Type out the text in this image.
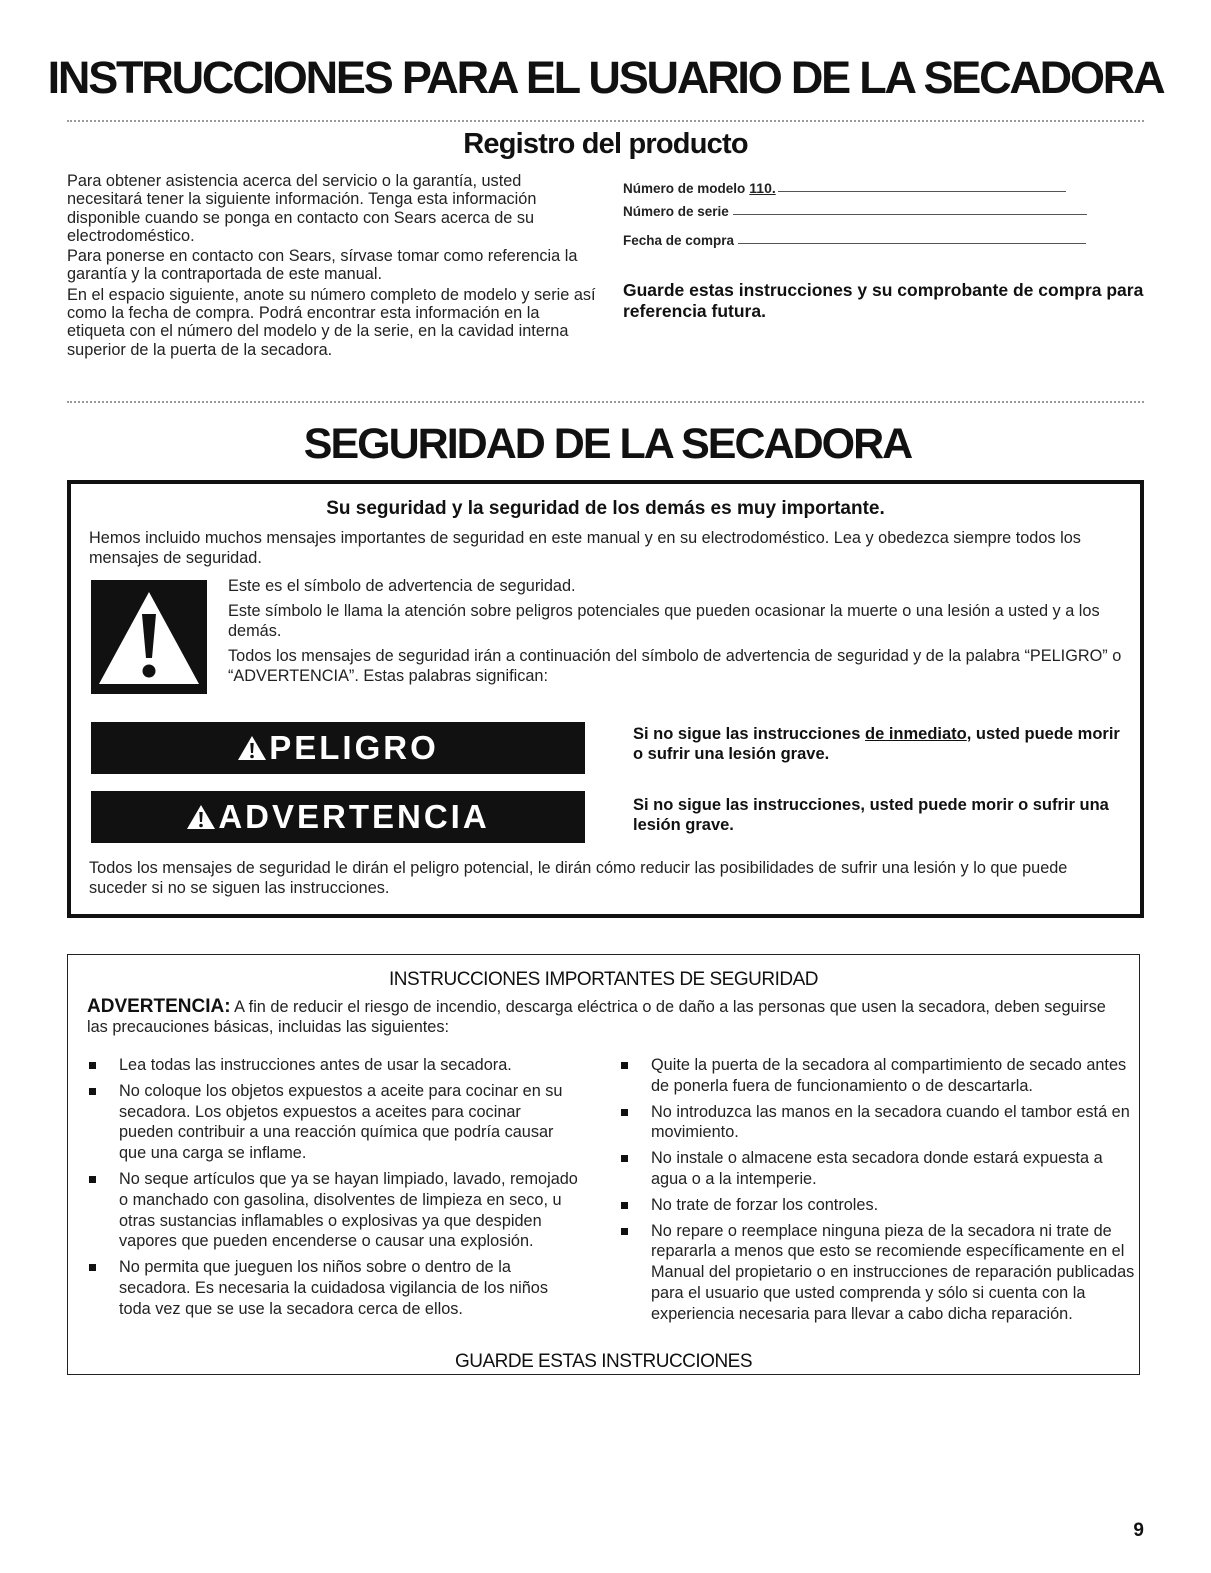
INSTRUCCIONES PARA EL USUARIO DE LA SECADORA
Registro del producto

Para obtener asistencia acerca del servicio o la garantía, usted necesitará tener la siguiente información. Tenga esta información disponible cuando se ponga en contacto con Sears acerca de su electrodoméstico.

Para ponerse en contacto con Sears, sírvase tomar como referencia la garantía y la contraportada de este manual.

En el espacio siguiente, anote su número completo de modelo y serie así como la fecha de compra. Podrá encontrar esta información en la etiqueta con el número del modelo y de la serie, en la cavidad interna superior de la puerta de la secadora.

Número de modelo 110.
Número de serie
Fecha de compra
Guarde estas instrucciones y su comprobante de compra para referencia futura.
SEGURIDAD DE LA SECADORA
Su seguridad y la seguridad de los demás es muy importante.
Hemos incluido muchos mensajes importantes de seguridad en este manual y en su electrodoméstico. Lea y obedezca siempre todos los mensajes de seguridad.

Este es el símbolo de advertencia de seguridad.

Este símbolo le llama la atención sobre peligros potenciales que pueden ocasionar la muerte o una lesión a usted y a los demás.

Todos los mensajes de seguridad irán a continuación del símbolo de advertencia de seguridad y de la palabra “PELIGRO” o “ADVERTENCIA”. Estas palabras significan:

PELIGRO	Si no sigue las instrucciones de inmediato, usted puede morir o sufrir una lesión grave.
ADVERTENCIA	Si no sigue las instrucciones, usted puede morir o sufrir una lesión grave.
Todos los mensajes de seguridad le dirán el peligro potencial, le dirán cómo reducir las posibilidades de sufrir una lesión y lo que puede suceder si no se siguen las instrucciones.
INSTRUCCIONES IMPORTANTES DE SEGURIDAD
ADVERTENCIA: A fin de reducir el riesgo de incendio, descarga eléctrica o de daño a las personas que usen la secadora, deben seguirse las precauciones básicas, incluidas las siguientes:
Lea todas las instrucciones antes de usar la secadora.
No coloque los objetos expuestos a aceite para cocinar en su secadora. Los objetos expuestos a aceites para cocinar pueden contribuir a una reacción química que podría causar que una carga se inflame.
No seque artículos que ya se hayan limpiado, lavado, remojado o manchado con gasolina, disolventes de limpieza en seco, u otras sustancias inflamables o explosivas ya que despiden vapores que pueden encenderse o causar una explosión.
No permita que jueguen los niños sobre o dentro de la secadora. Es necesaria la cuidadosa vigilancia de los niños toda vez que se use la secadora cerca de ellos.
Quite la puerta de la secadora al compartimiento de secado antes de ponerla fuera de funcionamiento o de descartarla.
No introduzca las manos en la secadora cuando el tambor está en movimiento.
No instale o almacene esta secadora donde estará expuesta a agua o a la intemperie.
No trate de forzar los controles.
No repare o reemplace ninguna pieza de la secadora ni trate de repararla a menos que esto se recomiende específicamente en el Manual del propietario o en instrucciones de reparación publicadas para el usuario que usted comprenda y sólo si cuenta con la experiencia necesaria para llevar a cabo dicha reparación.
GUARDE ESTAS INSTRUCCIONES
9
